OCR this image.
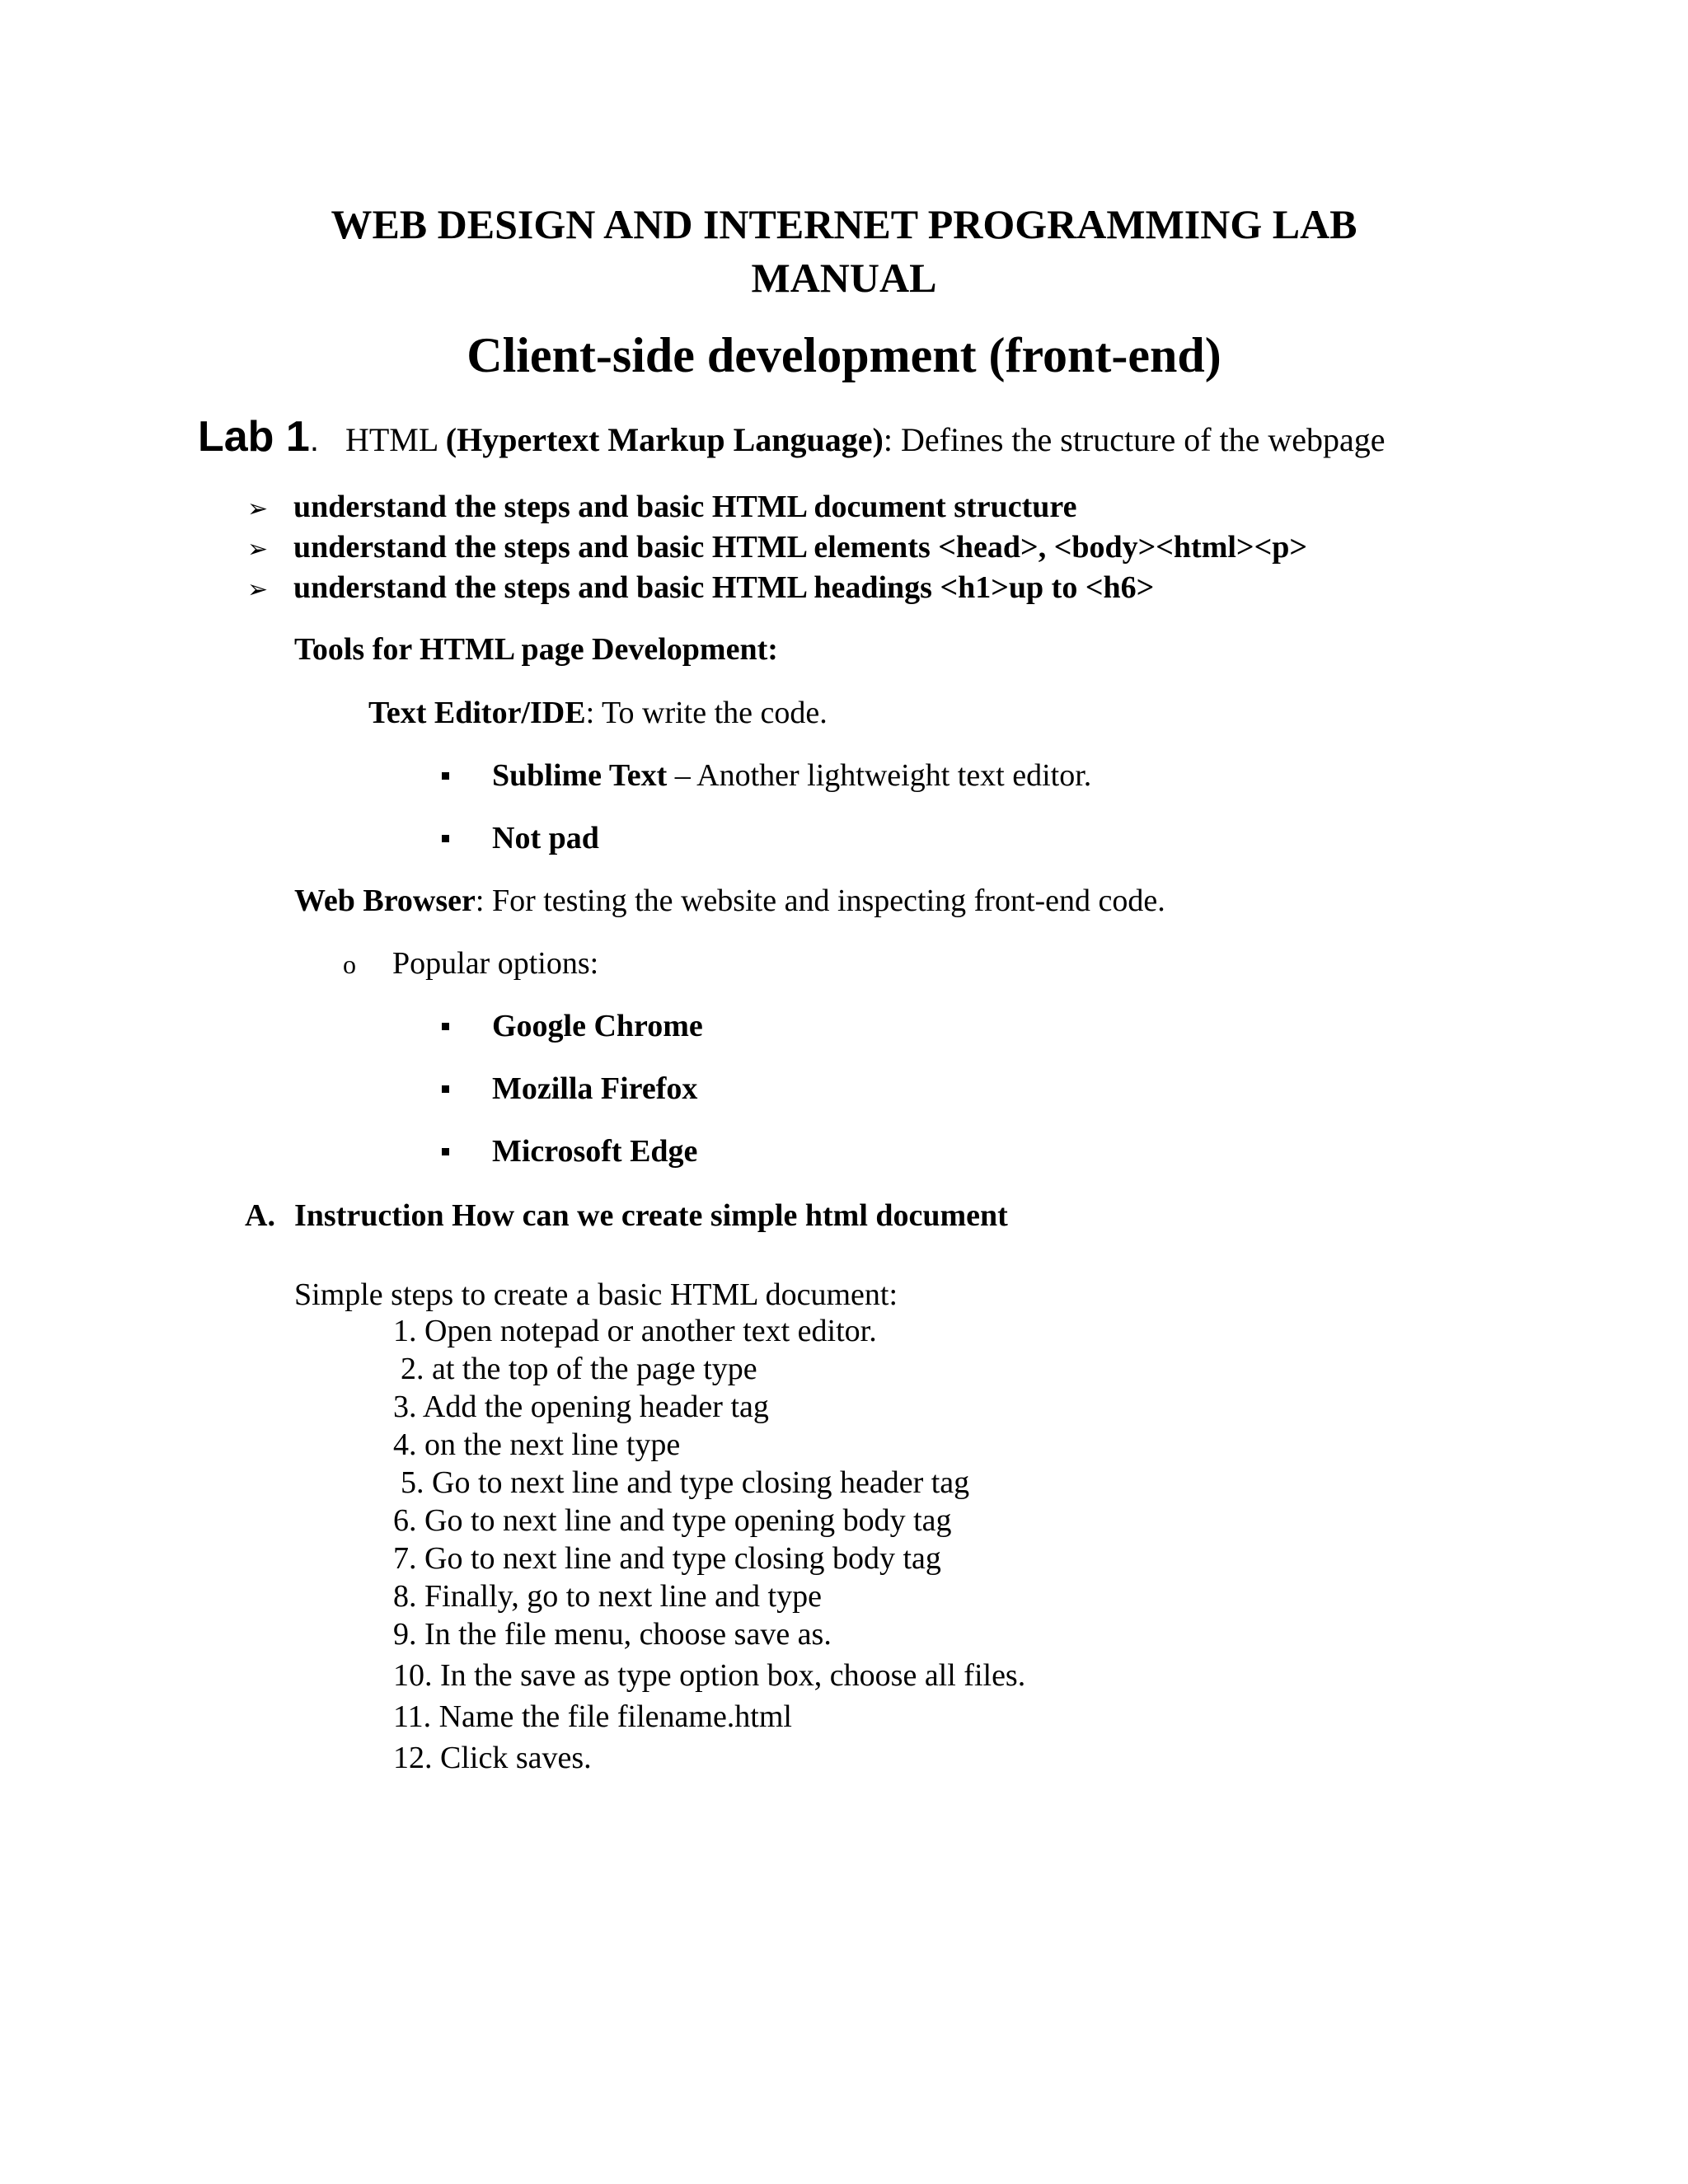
WEB DESIGN AND INTERNET PROGRAMMING LAB
MANUAL
Client-side development (front-end)
Lab 1. HTML (Hypertext Markup Language): Defines the structure of the webpage
➢ understand the steps and basic HTML document structure
➢ understand the steps and basic HTML elements <head>, <body><html><p>
➢ understand the steps and basic HTML headings <h1>up to <h6>
Tools for HTML page Development:
Text Editor/IDE: To write the code.
Sublime Text – Another lightweight text editor.
Not pad
Web Browser: For testing the website and inspecting front-end code.
o Popular options:
Google Chrome
Mozilla Firefox
Microsoft Edge
A. Instruction How can we create simple html document
Simple steps to create a basic HTML document:
1. Open notepad or another text editor.
2. at the top of the page type
3. Add the opening header tag
4. on the next line type
5. Go to next line and type closing header tag
6. Go to next line and type opening body tag
7. Go to next line and type closing body tag
8. Finally, go to next line and type
9. In the file menu, choose save as.
10. In the save as type option box, choose all files.
11. Name the file filename.html
12. Click saves.
